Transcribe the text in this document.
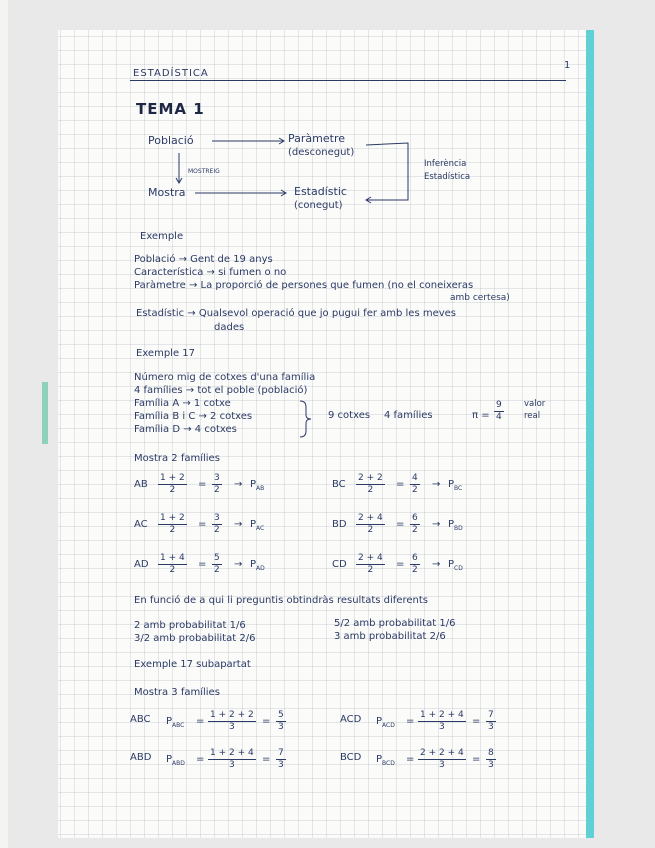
ESTADÍSTICA
1
TEMA 1
Població	Paràmetre
(desconegut)
MOSTREIG
Mostra	Estadístic
(conegut)
Inferència
Estadística
Exemple
Població → Gent de 19 anys
Característica → si fumen o no
Paràmetre → La proporció de persones que fumen (no el coneixeras
amb certesa)
Estadístic → Qualsevol operació que jo pugui fer amb les meves
dades
Exemple 17
Número mig de cotxes d'una família
4 famílies → tot el poble (població)
Família A → 1 cotxe
Família B i C → 2 cotxes
Família D → 4 cotxes
9 cotxes 4 famílies	$\pi = \frac{9}{4}$ valor
real
Mostra 2 famílies
AB $\frac{1 + 2}{2} = \frac{3}{2} \to P_{AB}$	BC $\frac{2 + 2}{2} = \frac{4}{2} \to P_{BC}$
AC $\frac{1 + 2}{2} = \frac{3}{2} \to P_{AC}$	BD $\frac{2 + 4}{2} = \frac{6}{2} \to P_{BD}$
AD $\frac{1 + 4}{2} = \frac{5}{2} \to P_{AD}$	CD $\frac{2 + 4}{2} = \frac{6}{2} \to P_{CD}$
En funció de a qui li preguntis obtindràs resultats diferents
2 amb probabilitat 1/6
3/2 amb probabilitat 2/6
5/2 amb probabilitat 1/6
3 amb probabilitat 2/6
Exemple 17 subapartat
Mostra 3 famílies
ABC $P_{ABC} = \frac{1 + 2 + 2}{3} = \frac{5}{3}$	ACD $P_{ACD} = \frac{1 + 2 + 4}{3} = \frac{7}{3}$
ABD $P_{ABD} = \frac{1 + 2 + 4}{3} = \frac{7}{3}$	BCD $P_{BCD} = \frac{2 + 2 + 4}{3} = \frac{8}{3}$
